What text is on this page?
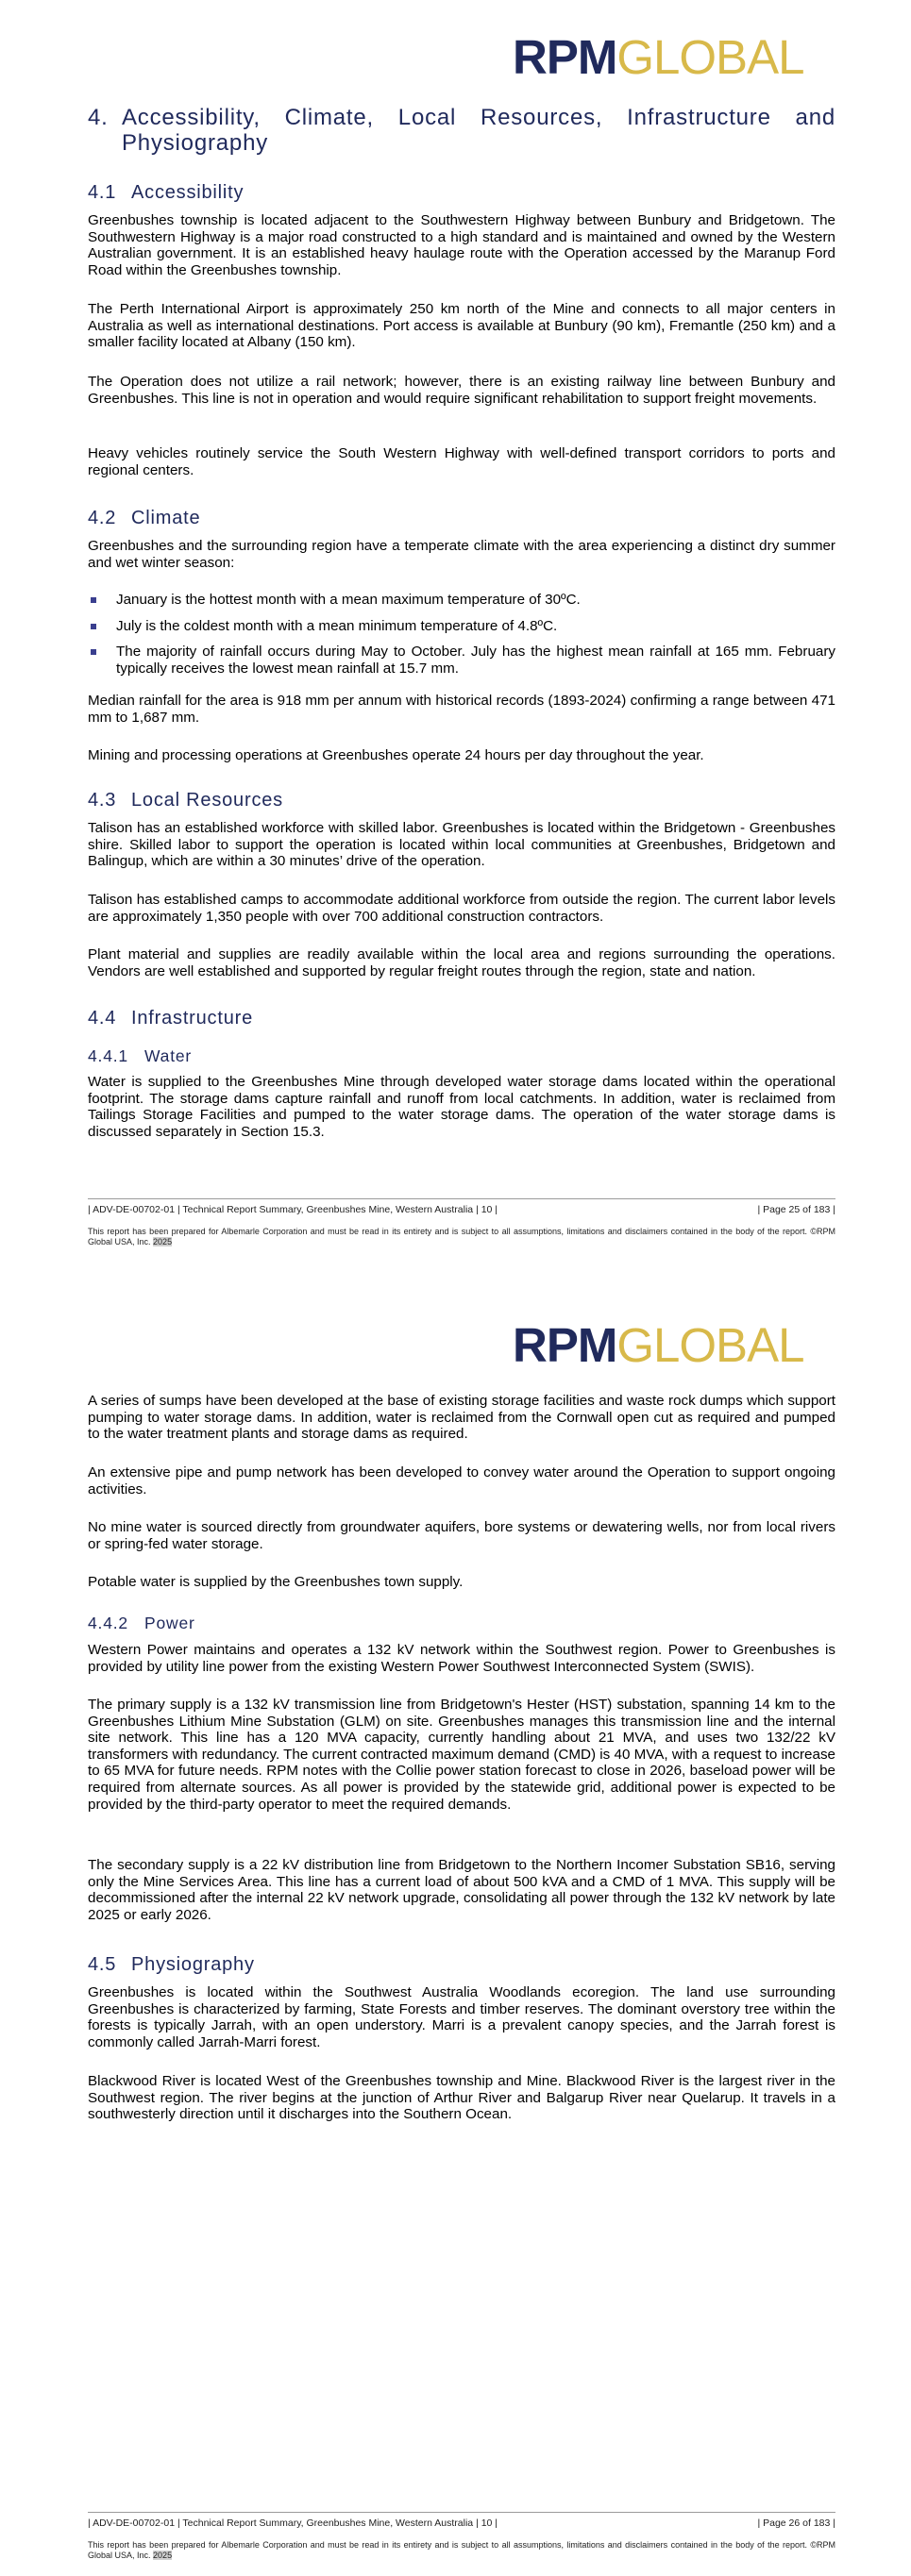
RPMGLOBAL
4. Accessibility, Climate, Local Resources, Infrastructure and
Physiography
4.1 Accessibility

Greenbushes township is located adjacent to the Southwestern Highway between Bunbury and Bridgetown. The Southwestern Highway is a major road constructed to a high standard and is maintained and owned by the Western Australian government. It is an established heavy haulage route with the Operation accessed by the Maranup Ford Road within the Greenbushes township.

The Perth International Airport is approximately 250 km north of the Mine and connects to all major centers in Australia as well as international destinations. Port access is available at Bunbury (90 km), Fremantle (250 km) and a smaller facility located at Albany (150 km).

The Operation does not utilize a rail network; however, there is an existing railway line between Bunbury and Greenbushes. This line is not in operation and would require significant rehabilitation to support freight movements.

Heavy vehicles routinely service the South Western Highway with well-defined transport corridors to ports and regional centers.

4.2 Climate

Greenbushes and the surrounding region have a temperate climate with the area experiencing a distinct dry summer and wet winter season:

January is the hottest month with a mean maximum temperature of 30ºC.
July is the coldest month with a mean minimum temperature of 4.8ºC.
The majority of rainfall occurs during May to October. July has the highest mean rainfall at 165 mm. February typically receives the lowest mean rainfall at 15.7 mm.

Median rainfall for the area is 918 mm per annum with historical records (1893-2024) confirming a range between 471 mm to 1,687 mm.

Mining and processing operations at Greenbushes operate 24 hours per day throughout the year.

4.3 Local Resources

Talison has an established workforce with skilled labor. Greenbushes is located within the Bridgetown - Greenbushes shire. Skilled labor to support the operation is located within local communities at Greenbushes, Bridgetown and Balingup, which are within a 30 minutes’ drive of the operation.

Talison has established camps to accommodate additional workforce from outside the region. The current labor levels are approximately 1,350 people with over 700 additional construction contractors.

Plant material and supplies are readily available within the local area and regions surrounding the operations. Vendors are well established and supported by regular freight routes through the region, state and nation.

4.4 Infrastructure
4.4.1 Water

Water is supplied to the Greenbushes Mine through developed water storage dams located within the operational footprint. The storage dams capture rainfall and runoff from local catchments. In addition, water is reclaimed from Tailings Storage Facilities and pumped to the water storage dams. The operation of the water storage dams is discussed separately in Section 15.3.

| ADV-DE-00702-01 | Technical Report Summary, Greenbushes Mine, Western Australia | 10 |	| Page 25 of 183 |
This report has been prepared for Albemarle Corporation and must be read in its entirety and is subject to all assumptions, limitations and disclaimers contained in the body of the report. ©RPM Global USA, Inc. 2025
RPMGLOBAL

A series of sumps have been developed at the base of existing storage facilities and waste rock dumps which support pumping to water storage dams. In addition, water is reclaimed from the Cornwall open cut as required and pumped to the water treatment plants and storage dams as required.

An extensive pipe and pump network has been developed to convey water around the Operation to support ongoing activities.

No mine water is sourced directly from groundwater aquifers, bore systems or dewatering wells, nor from local rivers or spring-fed water storage.

Potable water is supplied by the Greenbushes town supply.

4.4.2 Power

Western Power maintains and operates a 132 kV network within the Southwest region. Power to Greenbushes is provided by utility line power from the existing Western Power Southwest Interconnected System (SWIS).

The primary supply is a 132 kV transmission line from Bridgetown's Hester (HST) substation, spanning 14 km to the Greenbushes Lithium Mine Substation (GLM) on site. Greenbushes manages this transmission line and the internal site network. This line has a 120 MVA capacity, currently handling about 21 MVA, and uses two 132/22 kV transformers with redundancy. The current contracted maximum demand (CMD) is 40 MVA, with a request to increase to 65 MVA for future needs. RPM notes with the Collie power station forecast to close in 2026, baseload power will be required from alternate sources. As all power is provided by the statewide grid, additional power is expected to be provided by the third-party operator to meet the required demands.

The secondary supply is a 22 kV distribution line from Bridgetown to the Northern Incomer Substation SB16, serving only the Mine Services Area. This line has a current load of about 500 kVA and a CMD of 1 MVA. This supply will be decommissioned after the internal 22 kV network upgrade, consolidating all power through the 132 kV network by late 2025 or early 2026.

4.5 Physiography

Greenbushes is located within the Southwest Australia Woodlands ecoregion. The land use surrounding Greenbushes is characterized by farming, State Forests and timber reserves. The dominant overstory tree within the forests is typically Jarrah, with an open understory. Marri is a prevalent canopy species, and the Jarrah forest is commonly called Jarrah-Marri forest.

Blackwood River is located West of the Greenbushes township and Mine. Blackwood River is the largest river in the Southwest region. The river begins at the junction of Arthur River and Balgarup River near Quelarup. It travels in a southwesterly direction until it discharges into the Southern Ocean.

| ADV-DE-00702-01 | Technical Report Summary, Greenbushes Mine, Western Australia | 10 |	| Page 26 of 183 |
This report has been prepared for Albemarle Corporation and must be read in its entirety and is subject to all assumptions, limitations and disclaimers contained in the body of the report. ©RPM Global USA, Inc. 2025
